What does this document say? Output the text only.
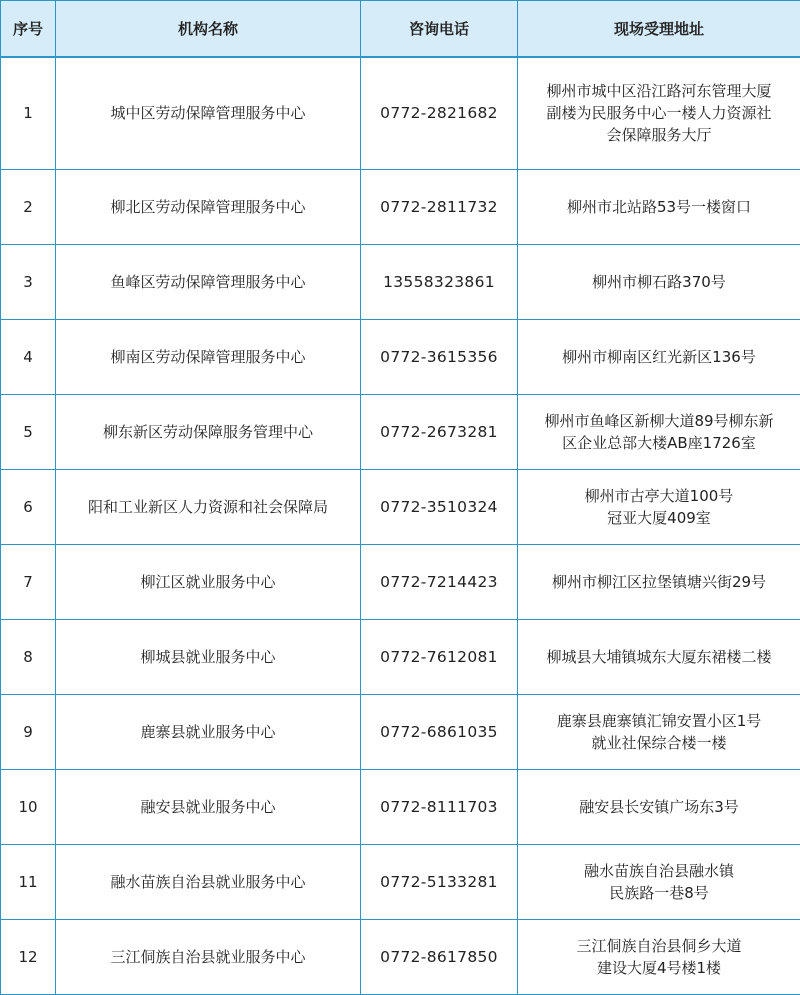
序号	机构名称	咨询电话	现场受理地址
1	城中区劳动保障管理服务中心	0772-2821682	柳州市城中区沿江路河东管理大厦
副楼为民服务中心一楼人力资源社
会保障服务大厅

2	柳北区劳动保障管理服务中心	0772-2811732	柳州市北站路53号一楼窗口

3	鱼峰区劳动保障管理服务中心	13558323861	柳州市柳石路370号

4	柳南区劳动保障管理服务中心	0772-3615356	柳州市柳南区红光新区136号

5	柳东新区劳动保障服务管理中心	0772-2673281	柳州市鱼峰区新柳大道89号柳东新
区企业总部大楼AB座1726室

6	阳和工业新区人力资源和社会保障局	0772-3510324	柳州市古亭大道100号
冠亚大厦409室

7	柳江区就业服务中心	0772-7214423	柳州市柳江区拉堡镇塘兴街29号

8	柳城县就业服务中心	0772-7612081	柳城县大埔镇城东大厦东裙楼二楼

9	鹿寨县就业服务中心	0772-6861035	鹿寨县鹿寨镇汇锦安置小区1号
就业社保综合楼一楼

10	融安县就业服务中心	0772-8111703	融安县长安镇广场东3号

11	融水苗族自治县就业服务中心	0772-5133281	融水苗族自治县融水镇
民族路一巷8号

12	三江侗族自治县就业服务中心	0772-8617850	三江侗族自治县侗乡大道
建设大厦4号楼1楼
